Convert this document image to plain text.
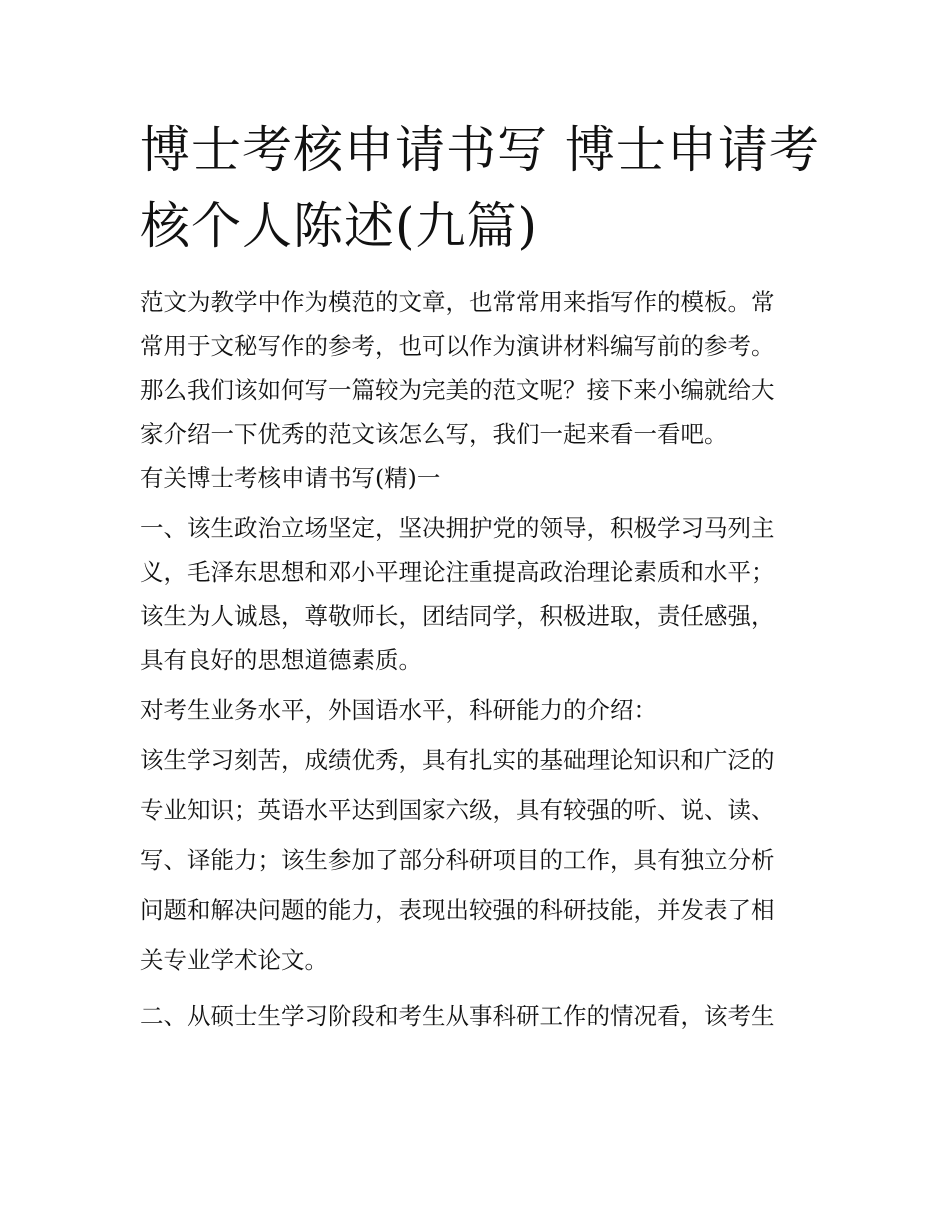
博士考核申请书写 博士申请考
核个人陈述(九篇)
范文为教学中作为模范的文章，也常常用来指写作的模板。常
常用于文秘写作的参考，也可以作为演讲材料编写前的参考。
那么我们该如何写一篇较为完美的范文呢？接下来小编就给大
家介绍一下优秀的范文该怎么写，我们一起来看一看吧。
有关博士考核申请书写(精)一
一、该生政治立场坚定，坚决拥护党的领导，积极学习马列主
义，毛泽东思想和邓小平理论注重提高政治理论素质和水平；
该生为人诚恳，尊敬师长，团结同学，积极进取，责任感强，
具有良好的思想道德素质。
对考生业务水平，外国语水平，科研能力的介绍：
该生学习刻苦，成绩优秀，具有扎实的基础理论知识和广泛的
专业知识；英语水平达到国家六级，具有较强的听、说、读、
写、译能力；该生参加了部分科研项目的工作，具有独立分析
问题和解决问题的能力，表现出较强的科研技能，并发表了相
关专业学术论文。
二、从硕士生学习阶段和考生从事科研工作的情况看，该考生
